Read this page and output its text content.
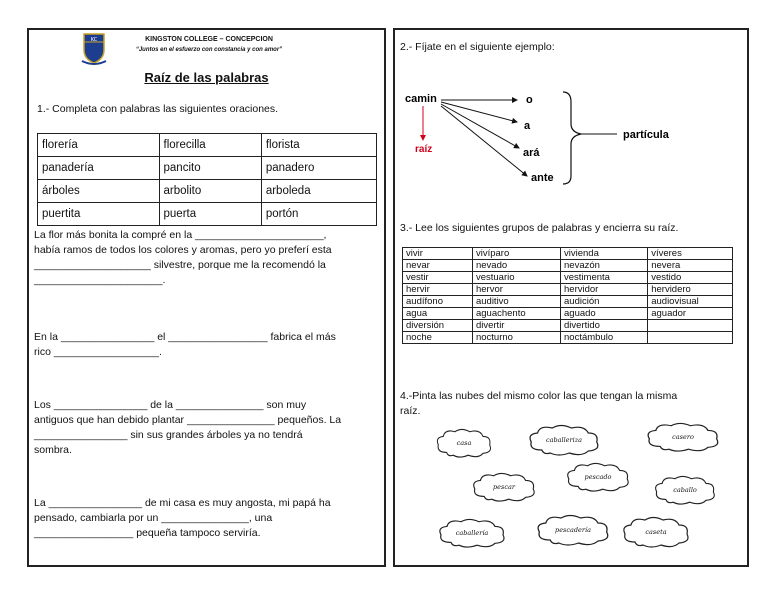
KC	KINGSTON COLLEGE – CONCEPCION
“Juntos en el esfuerzo con constancia y con amor”
Raíz de las palabras
1.- Completa con palabras las siguientes oraciones.
florería	florecilla	florista
panadería	pancito	panadero
árboles	arbolito	arboleda
puertita	puerta	portón
La flor más bonita la compré en la ______________________,
había ramos de todos los colores y aromas, pero yo preferí esta
____________________ silvestre, porque me la recomendó la
______________________.
En la ________________ el _________________ fabrica el más
rico __________________.
Los ________________ de la _______________ son muy
antiguos que han debido plantar _______________ pequeños. La
________________ sin sus grandes árboles ya no tendrá
sombra.
La ________________ de mi casa es muy angosta, mi papá ha
pensado, cambiarla por un _______________, una
_________________ pequeña tampoco serviría.
2.- Fíjate en el siguiente ejemplo:
camin
raíz
o
a
ará
ante
partícula
3.- Lee los siguientes grupos de palabras y encierra su raíz.
vivir	vivíparo	vivienda	víveres
nevar	nevado	nevazón	nevera
vestir	vestuario	vestimenta	vestido
hervir	hervor	hervidor	hervidero
audífono	auditivo	audición	audiovisual
agua	aguachento	aguado	aguador
diversión	divertir	divertido	
noche	nocturno	noctámbulo	
4.-Pinta las nubes del mismo color las que tengan la misma
raíz.
casa	caballeriza	casero
pescar
pescado
caballo
caballería	pescadería	caseta
